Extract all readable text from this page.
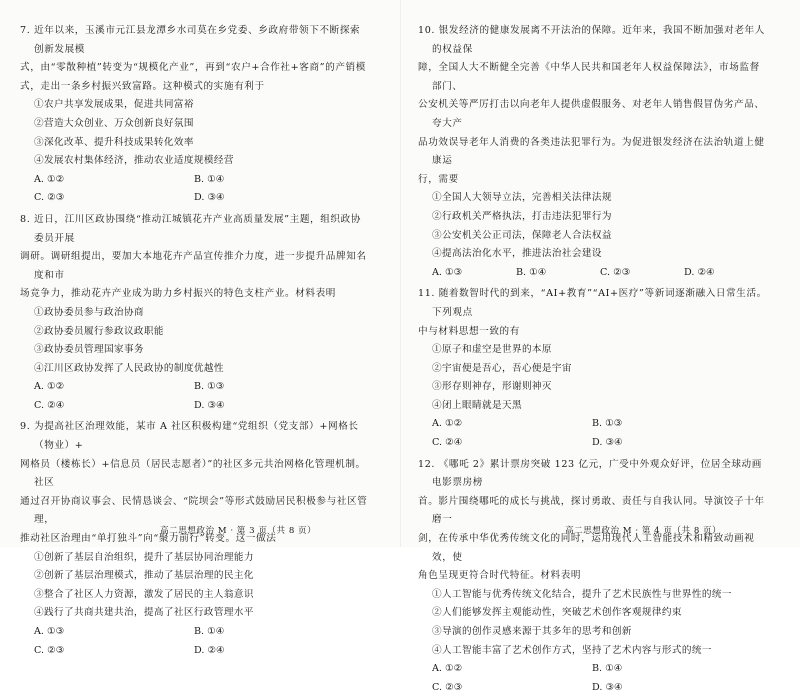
7. 近年以来，玉溪市元江县龙潭乡水司莫在乡党委、乡政府带领下不断探索创新发展模
式，由“零散种植”转变为“规模化产业”，再到“农户+合作社+客商”的产销模
式，走出一条乡村振兴致富路。这种模式的实施有利于
①农户共享发展成果，促进共同富裕
②营造大众创业、万众创新良好氛围
③深化改革、提升科技成果转化效率
④发展农村集体经济，推动农业适度规模经营
A. ①②	B. ①④
C. ②③	D. ③④
8. 近日，江川区政协围绕“推动江城镇花卉产业高质量发展”主题，组织政协委员开展
调研。调研组提出，要加大本地花卉产品宣传推介力度，进一步提升品牌知名度和市
场竞争力，推动花卉产业成为助力乡村振兴的特色支柱产业。材料表明
①政协委员参与政治协商
②政协委员履行参政议政职能
③政协委员管理国家事务
④江川区政协发挥了人民政协的制度优越性
A. ①②	B. ①③
C. ②④	D. ③④
9. 为提高社区治理效能，某市 A 社区积极构建“党组织（党支部）+网格长（物业）+
网格员（楼栋长）+信息员（居民志愿者）”的社区多元共治网格化管理机制。社区
通过召开协商议事会、民情恳谈会、“院坝会”等形式鼓励居民积极参与社区管理，
推动社区治理由“单打独斗”向“聚力前行”转变。这一做法
①创新了基层自治组织，提升了基层协同治理能力
②创新了基层治理模式，推动了基层治理的民主化
③整合了社区人力资源，激发了居民的主人翁意识
④践行了共商共建共治，提高了社区行政管理水平
A. ①③	B. ①④
C. ②③	D. ②④
高二思想政治 M · 第 3 页（共 8 页）
10. 银发经济的健康发展离不开法治的保障。近年来，我国不断加强对老年人的权益保
障，全国人大不断健全完善《中华人民共和国老年人权益保障法》，市场监督部门、
公安机关等严厉打击以向老年人提供虚假服务、对老年人销售假冒伪劣产品、夸大产
品功效误导老年人消费的各类违法犯罪行为。为促进银发经济在法治轨道上健康运
行，需要
①全国人大领导立法，完善相关法律法规
②行政机关严格执法，打击违法犯罪行为
③公安机关公正司法，保障老人合法权益
④提高法治化水平，推进法治社会建设
A. ①③	B. ①④	C. ②③	D. ②④
11. 随着数智时代的到来，“AI+教育”“AI+医疗”等新词逐渐融入日常生活。下列观点
中与材料思想一致的有
①原子和虚空是世界的本原
②宇宙便是吾心，吾心便是宇宙
③形存则神存，形谢则神灭
④闭上眼睛就是天黑
A. ①②	B. ①③
C. ②④	D. ③④
12. 《哪吒 2》累计票房突破 123 亿元，广受中外观众好评，位居全球动画电影票房榜
首。影片围绕哪吒的成长与挑战，探讨勇敢、责任与自我认同。导演饺子十年磨一
剑，在传承中华优秀传统文化的同时，运用现代人工智能技术和精致动画视效，使
角色呈现更符合时代特征。材料表明
①人工智能与优秀传统文化结合，提升了艺术民族性与世界性的统一
②人们能够发挥主观能动性，突破艺术创作客观规律约束
③导演的创作灵感来源于其多年的思考和创新
④人工智能丰富了艺术创作方式，坚持了艺术内容与形式的统一
A. ①②	B. ①④
C. ②③	D. ③④
高二思想政治 M · 第 4 页（共 8 页）
